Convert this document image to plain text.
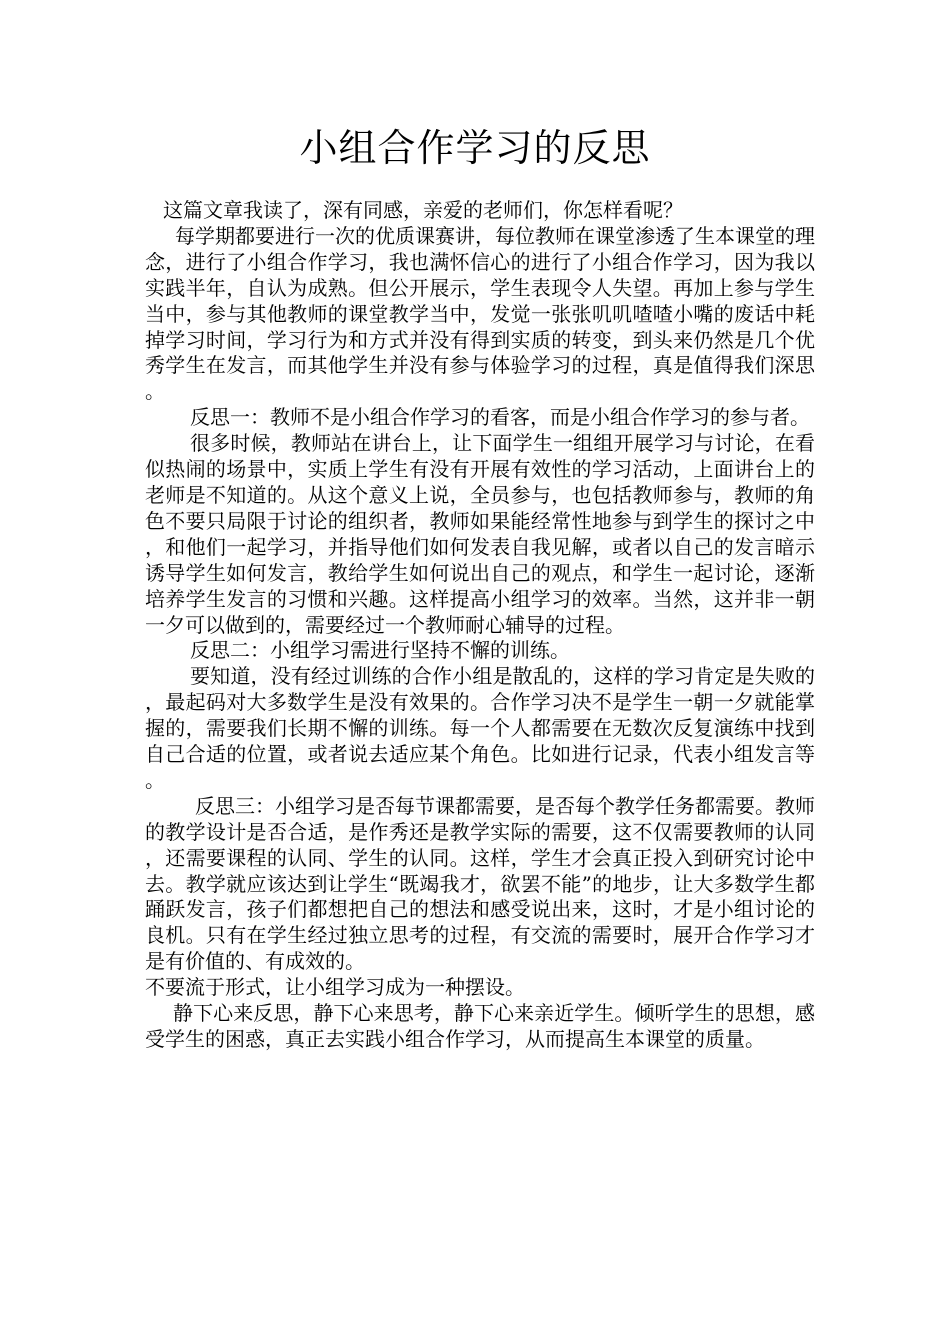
小组合作学习的反思

这篇文章我读了，深有同感，亲爱的老师们，你怎样看呢？

每学期都要进行一次的优质课赛讲，每位教师在课堂渗透了生本课堂的理念，进行了小组合作学习，我也满怀信心的进行了小组合作学习，因为我以实践半年，自认为成熟。但公开展示，学生表现令人失望。再加上参与学生当中，参与其他教师的课堂教学当中，发觉一张张叽叽喳喳小嘴的废话中耗掉学习时间，学习行为和方式并没有得到实质的转变，到头来仍然是几个优秀学生在发言，而其他学生并没有参与体验学习的过程，真是值得我们深思。

反思一：教师不是小组合作学习的看客，而是小组合作学习的参与者。

很多时候，教师站在讲台上，让下面学生一组组开展学习与讨论，在看似热闹的场景中，实质上学生有没有开展有效性的学习活动，上面讲台上的老师是不知道的。从这个意义上说，全员参与，也包括教师参与，教师的角色不要只局限于讨论的组织者，教师如果能经常性地参与到学生的探讨之中，和他们一起学习，并指导他们如何发表自我见解，或者以自己的发言暗示诱导学生如何发言，教给学生如何说出自己的观点，和学生一起讨论，逐渐培养学生发言的习惯和兴趣。这样提高小组学习的效率。当然，这并非一朝一夕可以做到的，需要经过一个教师耐心辅导的过程。

反思二：小组学习需进行坚持不懈的训练。

要知道，没有经过训练的合作小组是散乱的，这样的学习肯定是失败的，最起码对大多数学生是没有效果的。合作学习决不是学生一朝一夕就能掌握的，需要我们长期不懈的训练。每一个人都需要在无数次反复演练中找到自己合适的位置，或者说去适应某个角色。比如进行记录，代表小组发言等。

反思三：小组学习是否每节课都需要，是否每个教学任务都需要。教师的教学设计是否合适，是作秀还是教学实际的需要，这不仅需要教师的认同，还需要课程的认同、学生的认同。这样，学生才会真正投入到研究讨论中去。教学就应该达到让学生“既竭我才，欲罢不能”的地步，让大多数学生都踊跃发言，孩子们都想把自己的想法和感受说出来，这时，才是小组讨论的良机。只有在学生经过独立思考的过程，有交流的需要时，展开合作学习才是有价值的、有成效的。

不要流于形式，让小组学习成为一种摆设。

静下心来反思，静下心来思考，静下心来亲近学生。倾听学生的思想，感受学生的困惑，真正去实践小组合作学习，从而提高生本课堂的质量。
